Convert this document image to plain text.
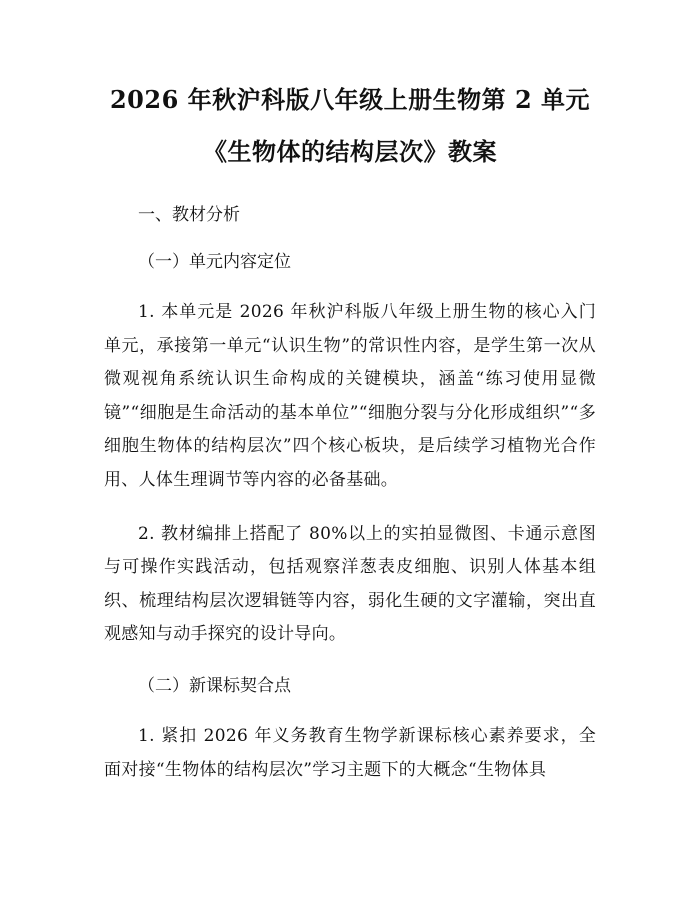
2026 年秋沪科版八年级上册生物第 2 单元
《生物体的结构层次》教案

一、教材分析

（一）单元内容定位

1. 本单元是 2026 年秋沪科版八年级上册生物的核心入门单元，承接第一单元“认识生物”的常识性内容，是学生第一次从微观视角系统认识生命构成的关键模块，涵盖“练习使用显微镜”“细胞是生命活动的基本单位”“细胞分裂与分化形成组织”“多细胞生物体的结构层次”四个核心板块，是后续学习植物光合作用、人体生理调节等内容的必备基础。

2. 教材编排上搭配了 80%以上的实拍显微图、卡通示意图与可操作实践活动，包括观察洋葱表皮细胞、识别人体基本组织、梳理结构层次逻辑链等内容，弱化生硬的文字灌输，突出直观感知与动手探究的设计导向。

（二）新课标契合点

1. 紧扣 2026 年义务教育生物学新课标核心素养要求，全面对接“生物体的结构层次”学习主题下的大概念“生物体具
